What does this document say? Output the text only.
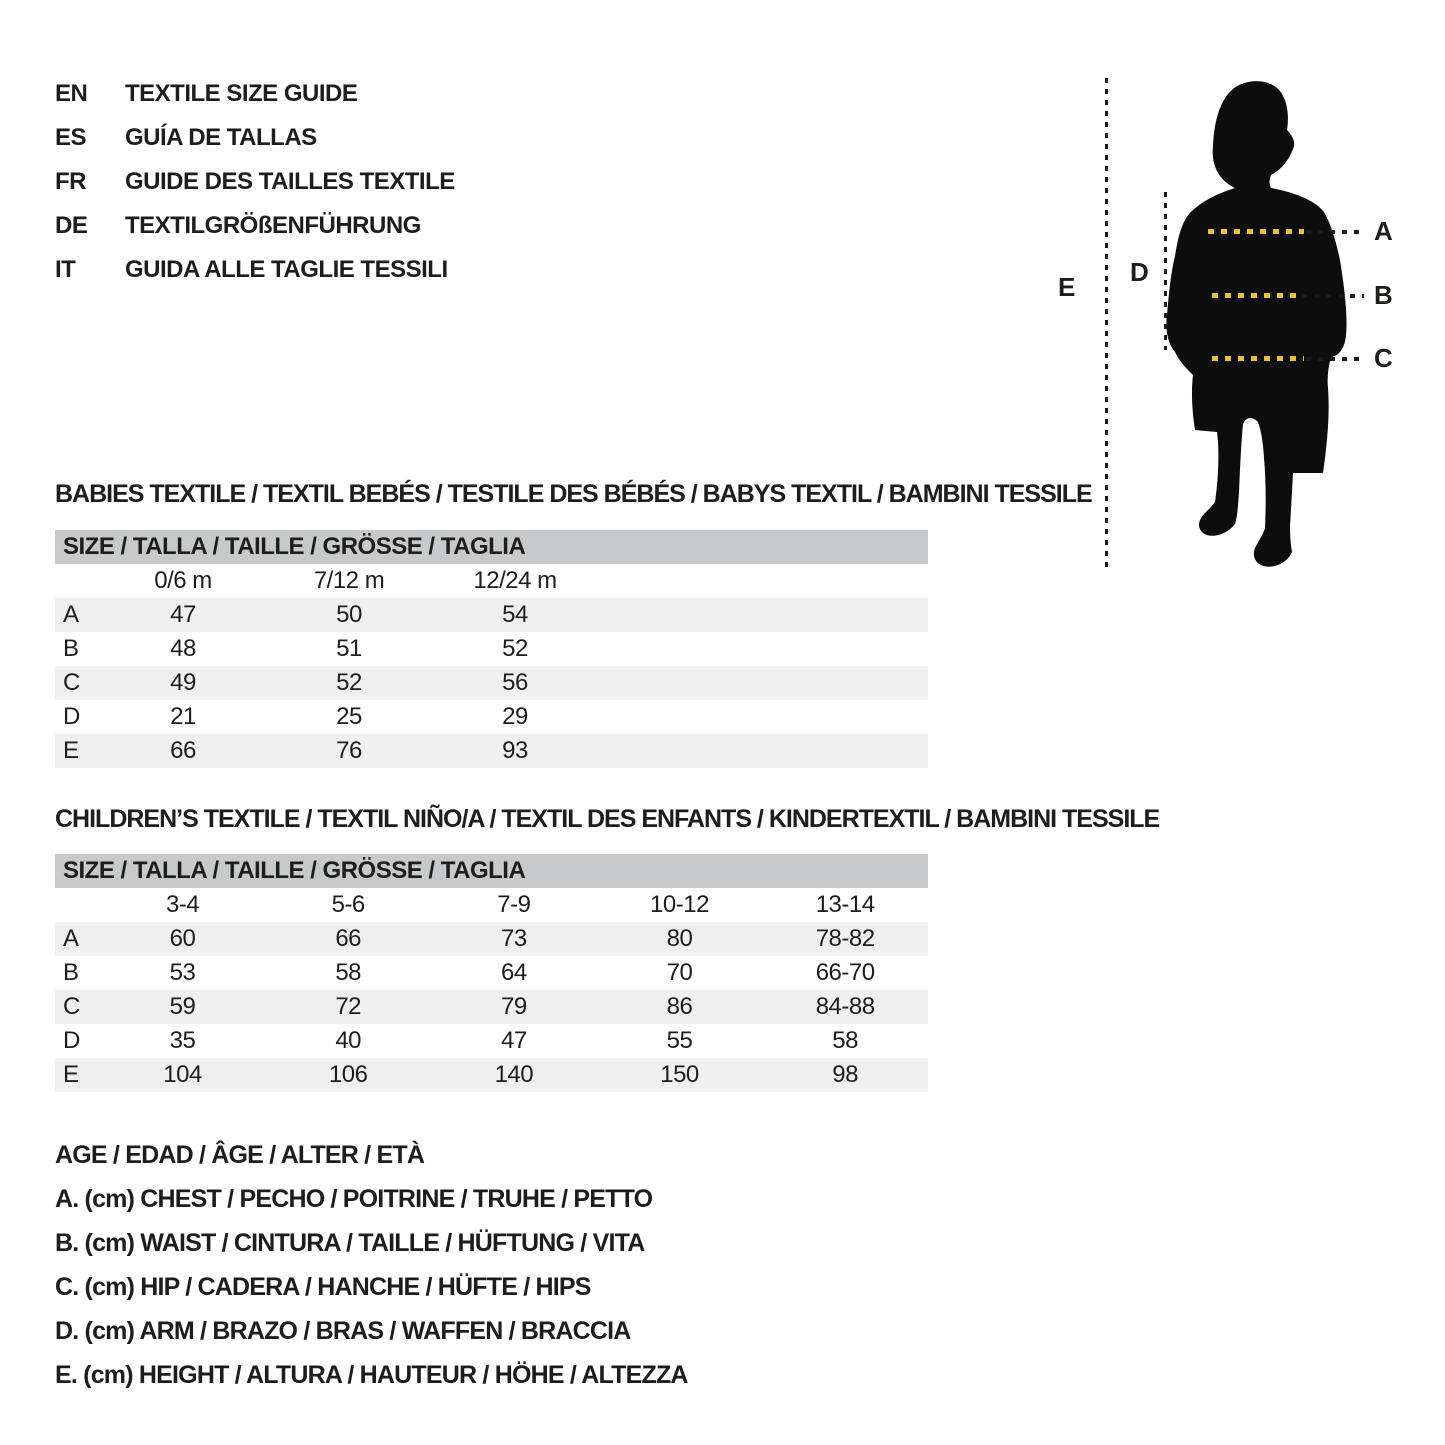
EN	TEXTILE SIZE GUIDE
ES	GUÍA DE TALLAS
FR	GUIDE DES TAILLES TEXTILE
DE	TEXTILGRÖßENFÜHRUNG
IT	GUIDA ALLE TAGLIE TESSILI
E D
A
B
C
BABIES TEXTILE / TEXTIL BEBÉS / TESTILE DES BÉBÉS / BABYS TEXTIL / BAMBINI TESSILE
SIZE / TALLA / TAILLE / GRÖSSE / TAGLIA
0/6 m	7/12 m	12/24 m
A	47	50	54
B	48	51	52
C	49	52	56
D	21	25	29
E	66	76	93
CHILDREN’S TEXTILE / TEXTIL NIÑO/A / TEXTIL DES ENFANTS / KINDERTEXTIL / BAMBINI TESSILE
SIZE / TALLA / TAILLE / GRÖSSE / TAGLIA
3-4	5-6	7-9	10-12	13-14
A	60	66	73	80	78-82
B	53	58	64	70	66-70
C	59	72	79	86	84-88
D	35	40	47	55	58
E	104	106	140	150	98
AGE / EDAD / ÂGE / ALTER / ETÀ
A. (cm) CHEST / PECHO / POITRINE / TRUHE / PETTO
B. (cm) WAIST / CINTURA / TAILLE / HÜFTUNG / VITA
C. (cm) HIP / CADERA / HANCHE / HÜFTE / HIPS
D. (cm) ARM / BRAZO / BRAS / WAFFEN / BRACCIA
E. (cm) HEIGHT / ALTURA / HAUTEUR / HÖHE / ALTEZZA
